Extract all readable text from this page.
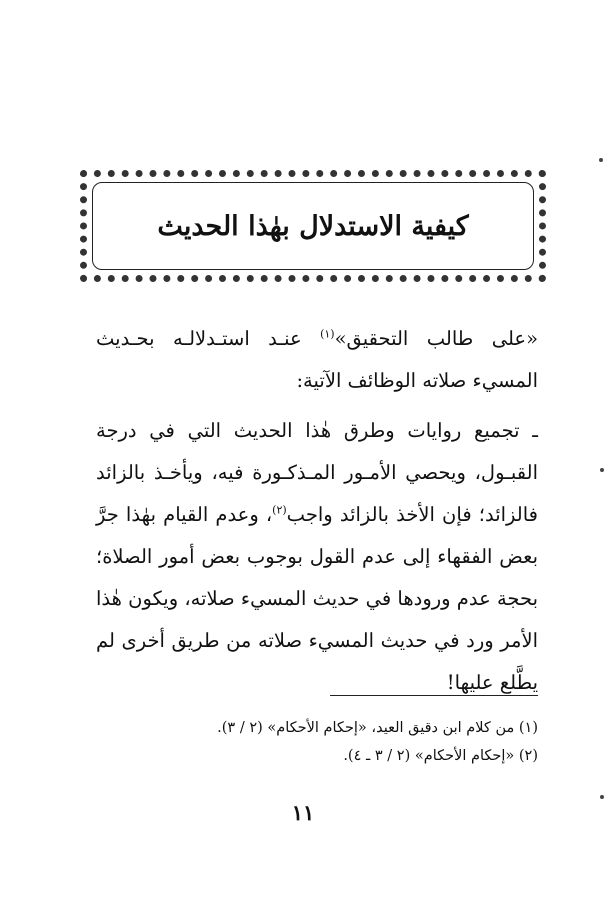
كيفية الاستدلال بهٰذا الحديث

«على طالب التحقيق»$^{(١)}$ عنـد استـدلالـه بحـديث المسيء صلاته الوظائف الآتية:

ـ تجميع روايات وطرق هٰذا الحديث التي في درجة القبـول، ويحصي الأمـور المـذكـورة فيه، ويأخـذ بالزائد فالزائد؛ فإن الأخذ بالزائد واجب$^{(٢)}$، وعدم القيام بهٰذا جرَّ بعض الفقهاء إلى عدم القول بوجوب بعض أمور الصلاة؛ بحجة عدم ورودها في حديث المسيء صلاته، ويكون هٰذا الأمر ورد في حديث المسيء صلاته من طريق أخرى لم يطَّلع عليها!

(١) من كلام ابن دقيق العيد، «إحكام الأحكام» (٢ / ٣).
(٢) «إحكام الأحكام» (٢ / ٣ ـ ٤).
١١
